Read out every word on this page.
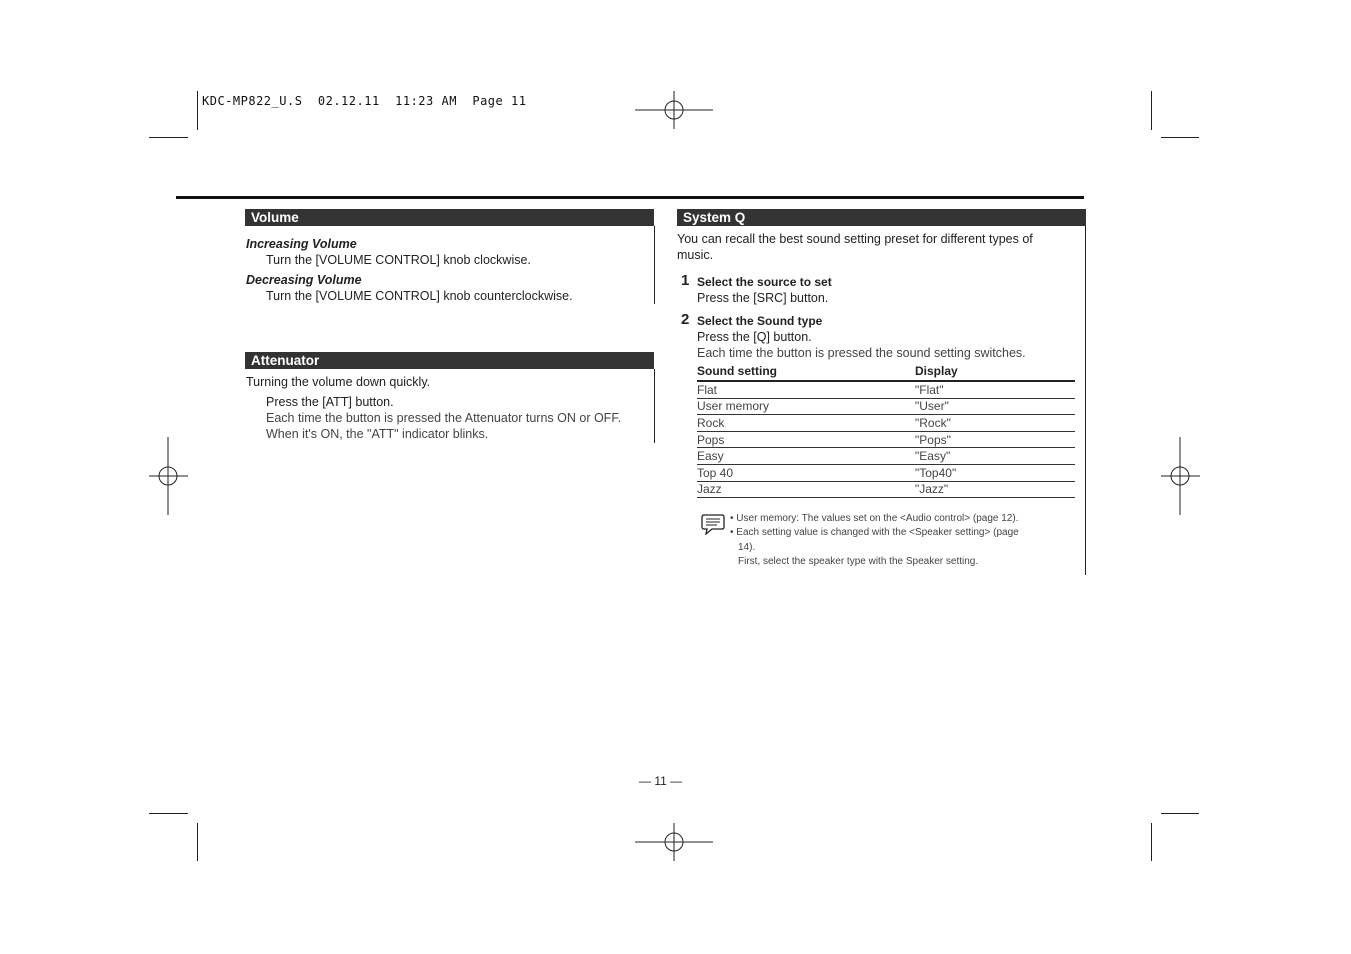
KDC-MP822_U.S  02.12.11  11:23 AM  Page 11
Volume
Increasing Volume
Turn the [VOLUME CONTROL] knob clockwise.
Decreasing Volume
Turn the [VOLUME CONTROL] knob counterclockwise.
Attenuator
Turning the volume down quickly.
Press the [ATT] button.
Each time the button is pressed the Attenuator turns ON or OFF.
When it's ON, the "ATT" indicator blinks.
System Q
You can recall the best sound setting preset for different types of
music.
1 Select the source to set
Press the [SRC] button.
2 Select the Sound type
Press the [Q] button.
Each time the button is pressed the sound setting switches.
Sound setting	Display
Flat	"Flat"
User memory	"User"
Rock	"Rock"
Pops	"Pops"
Easy	"Easy"
Top 40	"Top40"
Jazz	"Jazz"
• User memory: The values set on the <Audio control> (page 12).
• Each setting value is changed with the <Speaker setting> (page
14).
First, select the speaker type with the Speaker setting.
— 11 —
